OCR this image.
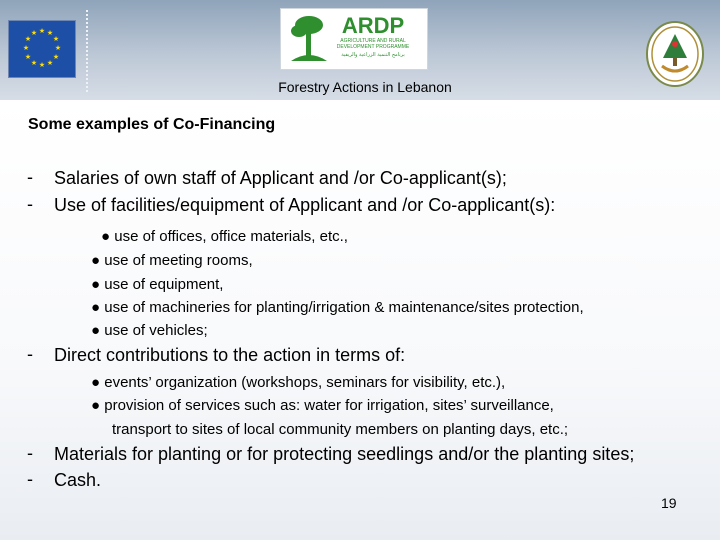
★ ★
★
★
★
★
★
★
★
★
★
★	ARDP
AGRICULTURE AND RURAL
DEVELOPMENT PROGRAMME
برنامج التنمية الزراعية والريفية
Forestry Actions in Lebanon
Some examples of Co-Financing
- Salaries of own staff of Applicant and /or Co-applicant(s);
- Use of facilities/equipment of Applicant and /or Co-applicant(s):
● use of offices, office materials, etc.,
● use of meeting rooms,
● use of equipment,
● use of machineries for planting/irrigation & maintenance/sites protection,
● use of vehicles;
- Direct contributions to the action in terms of:
● events’ organization (workshops, seminars for visibility, etc.),
● provision of services such as: water for irrigation, sites’ surveillance,
transport to sites of local community members on planting days, etc.;
- Materials for planting or for protecting seedlings and/or the planting sites;
- Cash.
19
